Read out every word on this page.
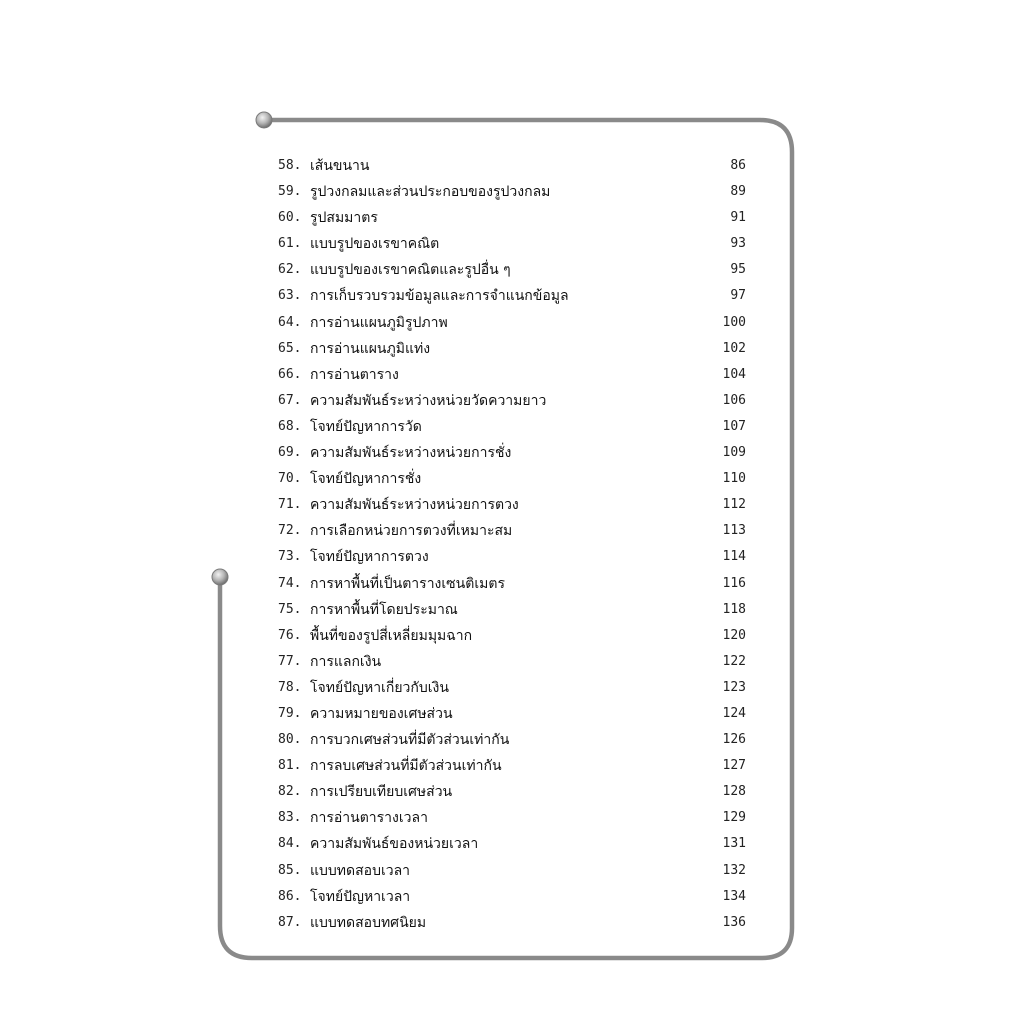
58. เส้นขนาน	86
59. รูปวงกลมและส่วนประกอบของรูปวงกลม	89
60. รูปสมมาตร	91
61. แบบรูปของเรขาคณิต	93
62. แบบรูปของเรขาคณิตและรูปอื่น ๆ	95
63. การเก็บรวบรวมข้อมูลและการจำแนกข้อมูล	97
64. การอ่านแผนภูมิรูปภาพ	100
65. การอ่านแผนภูมิแท่ง	102
66. การอ่านตาราง	104
67. ความสัมพันธ์ระหว่างหน่วยวัดความยาว	106
68. โจทย์ปัญหาการวัด	107
69. ความสัมพันธ์ระหว่างหน่วยการชั่ง	109
70. โจทย์ปัญหาการชั่ง	110
71. ความสัมพันธ์ระหว่างหน่วยการตวง	112
72. การเลือกหน่วยการตวงที่เหมาะสม	113
73. โจทย์ปัญหาการตวง	114
74. การหาพื้นที่เป็นตารางเซนติเมตร	116
75. การหาพื้นที่โดยประมาณ	118
76. พื้นที่ของรูปสี่เหลี่ยมมุมฉาก	120
77. การแลกเงิน	122
78. โจทย์ปัญหาเกี่ยวกับเงิน	123
79. ความหมายของเศษส่วน	124
80. การบวกเศษส่วนที่มีตัวส่วนเท่ากัน	126
81. การลบเศษส่วนที่มีตัวส่วนเท่ากัน	127
82. การเปรียบเทียบเศษส่วน	128
83. การอ่านตารางเวลา	129
84. ความสัมพันธ์ของหน่วยเวลา	131
85. แบบทดสอบเวลา	132
86. โจทย์ปัญหาเวลา	134
87. แบบทดสอบทศนิยม	136
